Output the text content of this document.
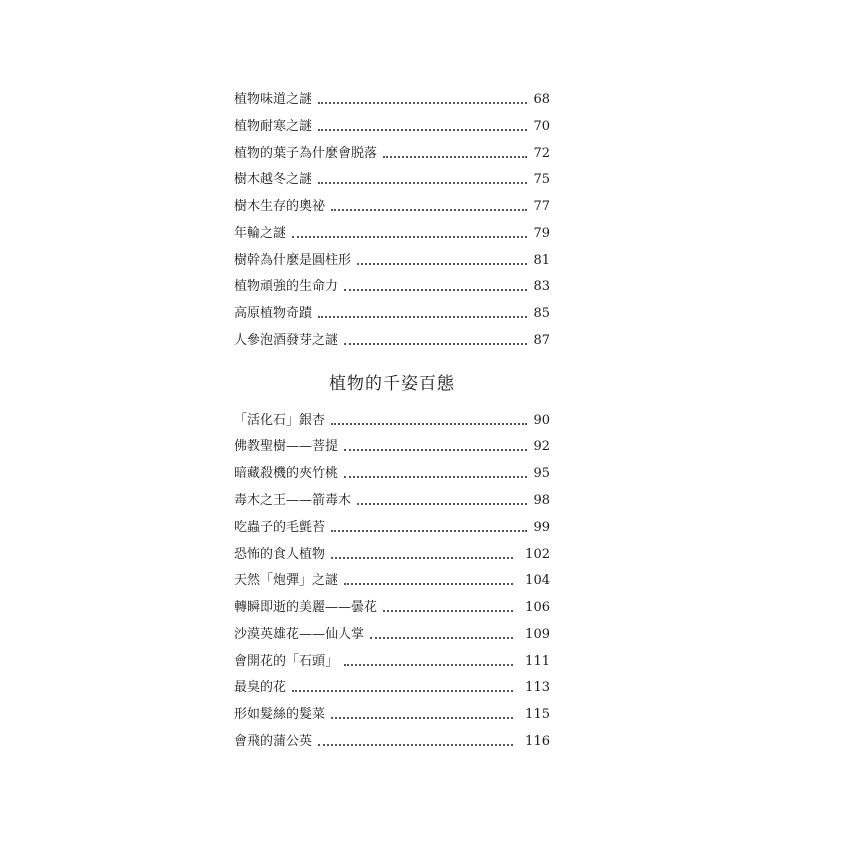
植物味道之謎	68
植物耐寒之謎	70
植物的葉子為什麼會脱落	72
樹木越冬之謎	75
樹木生存的奧祕	77
年輪之謎	79
樹幹為什麼是圓柱形	81
植物頑強的生命力	83
高原植物奇蹟	85
人參泡酒發芽之謎	87
植物的千姿百態
「活化石」銀杏	90
佛教聖樹——菩提	92
暗藏殺機的夾竹桃	95
毒木之王——箭毒木	98
吃蟲子的毛氈苔	99
恐怖的食人植物	102
天然「炮彈」之謎	104
轉瞬即逝的美麗——曇花	106
沙漠英雄花——仙人掌	109
會開花的「石頭」	111
最臭的花	113
形如髮絲的髮菜	115
會飛的蒲公英	116
